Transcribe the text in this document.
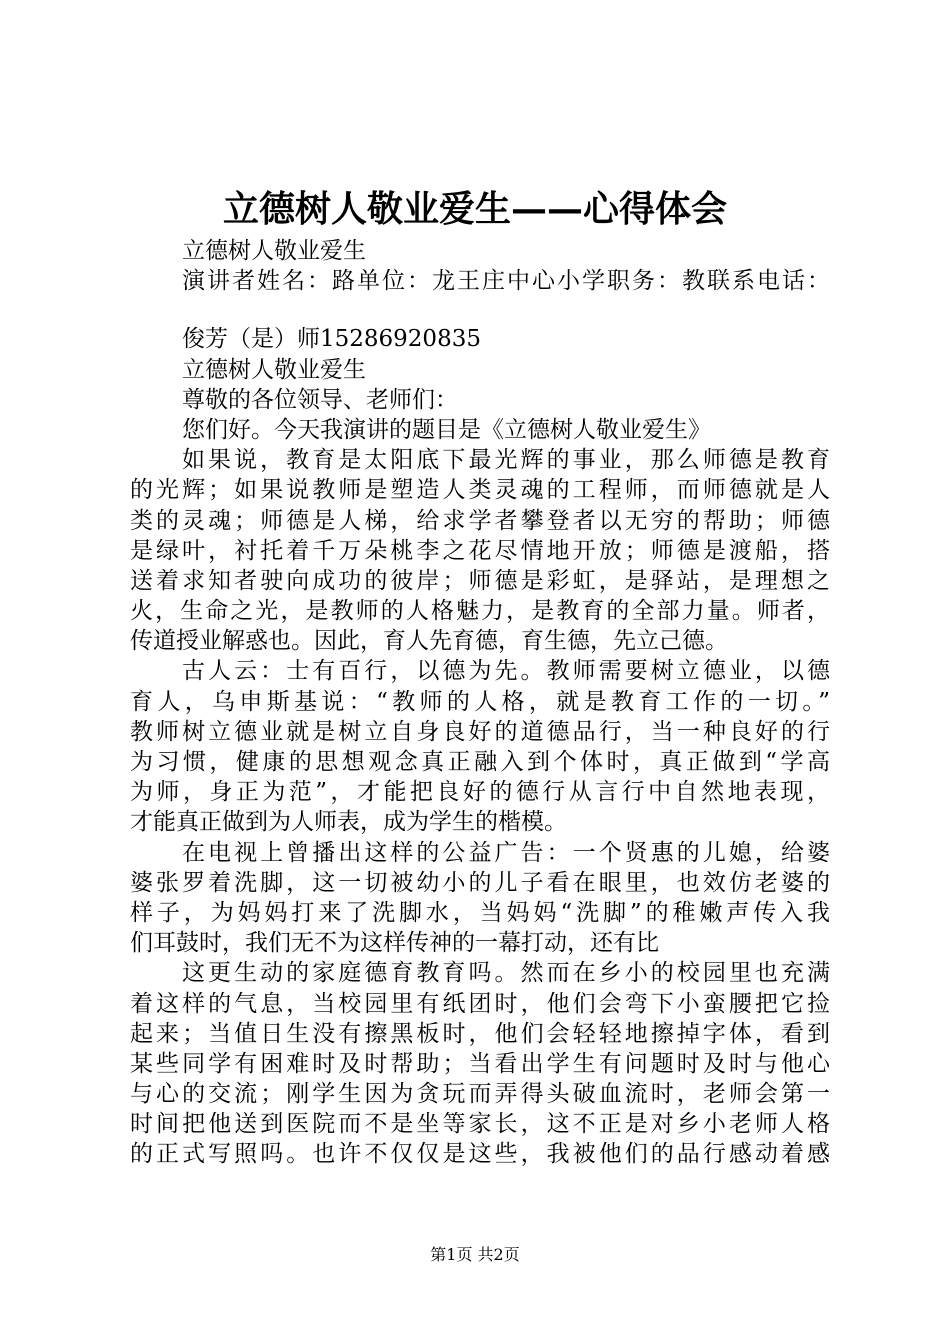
立德树人敬业爱生——心得体会
立德树人敬业爱生
演讲者姓名：路单位：龙王庄中心小学职务：教联系电话：
俊芳（是）师15286920835
立德树人敬业爱生
尊敬的各位领导、老师们：
您们好。今天我演讲的题目是《立德树人敬业爱生》
如果说，教育是太阳底下最光辉的事业，那么师德是教育
的光辉；如果说教师是塑造人类灵魂的工程师，而师德就是人
类的灵魂；师德是人梯，给求学者攀登者以无穷的帮助；师德
是绿叶，衬托着千万朵桃李之花尽情地开放；师德是渡船，搭
送着求知者驶向成功的彼岸；师德是彩虹，是驿站，是理想之
火，生命之光，是教师的人格魅力，是教育的全部力量。师者，
传道授业解惑也。因此，育人先育德，育生德，先立己德。
古人云：士有百行，以德为先。教师需要树立德业，以德
育人，乌申斯基说：“教师的人格，就是教育工作的一切。”
教师树立德业就是树立自身良好的道德品行，当一种良好的行
为习惯，健康的思想观念真正融入到个体时，真正做到“学高
为师，身正为范”，才能把良好的德行从言行中自然地表现，
才能真正做到为人师表，成为学生的楷模。
在电视上曾播出这样的公益广告：一个贤惠的儿媳，给婆
婆张罗着洗脚，这一切被幼小的儿子看在眼里，也效仿老婆的
样子，为妈妈打来了洗脚水，当妈妈“洗脚”的稚嫩声传入我
们耳鼓时，我们无不为这样传神的一幕打动，还有比
这更生动的家庭德育教育吗。然而在乡小的校园里也充满
着这样的气息，当校园里有纸团时，他们会弯下小蛮腰把它捡
起来；当值日生没有擦黑板时，他们会轻轻地擦掉字体，看到
某些同学有困难时及时帮助；当看出学生有问题时及时与他心
与心的交流；刚学生因为贪玩而弄得头破血流时，老师会第一
时间把他送到医院而不是坐等家长，这不正是对乡小老师人格
的正式写照吗。也许不仅仅是这些，我被他们的品行感动着感
第1页 共2页
